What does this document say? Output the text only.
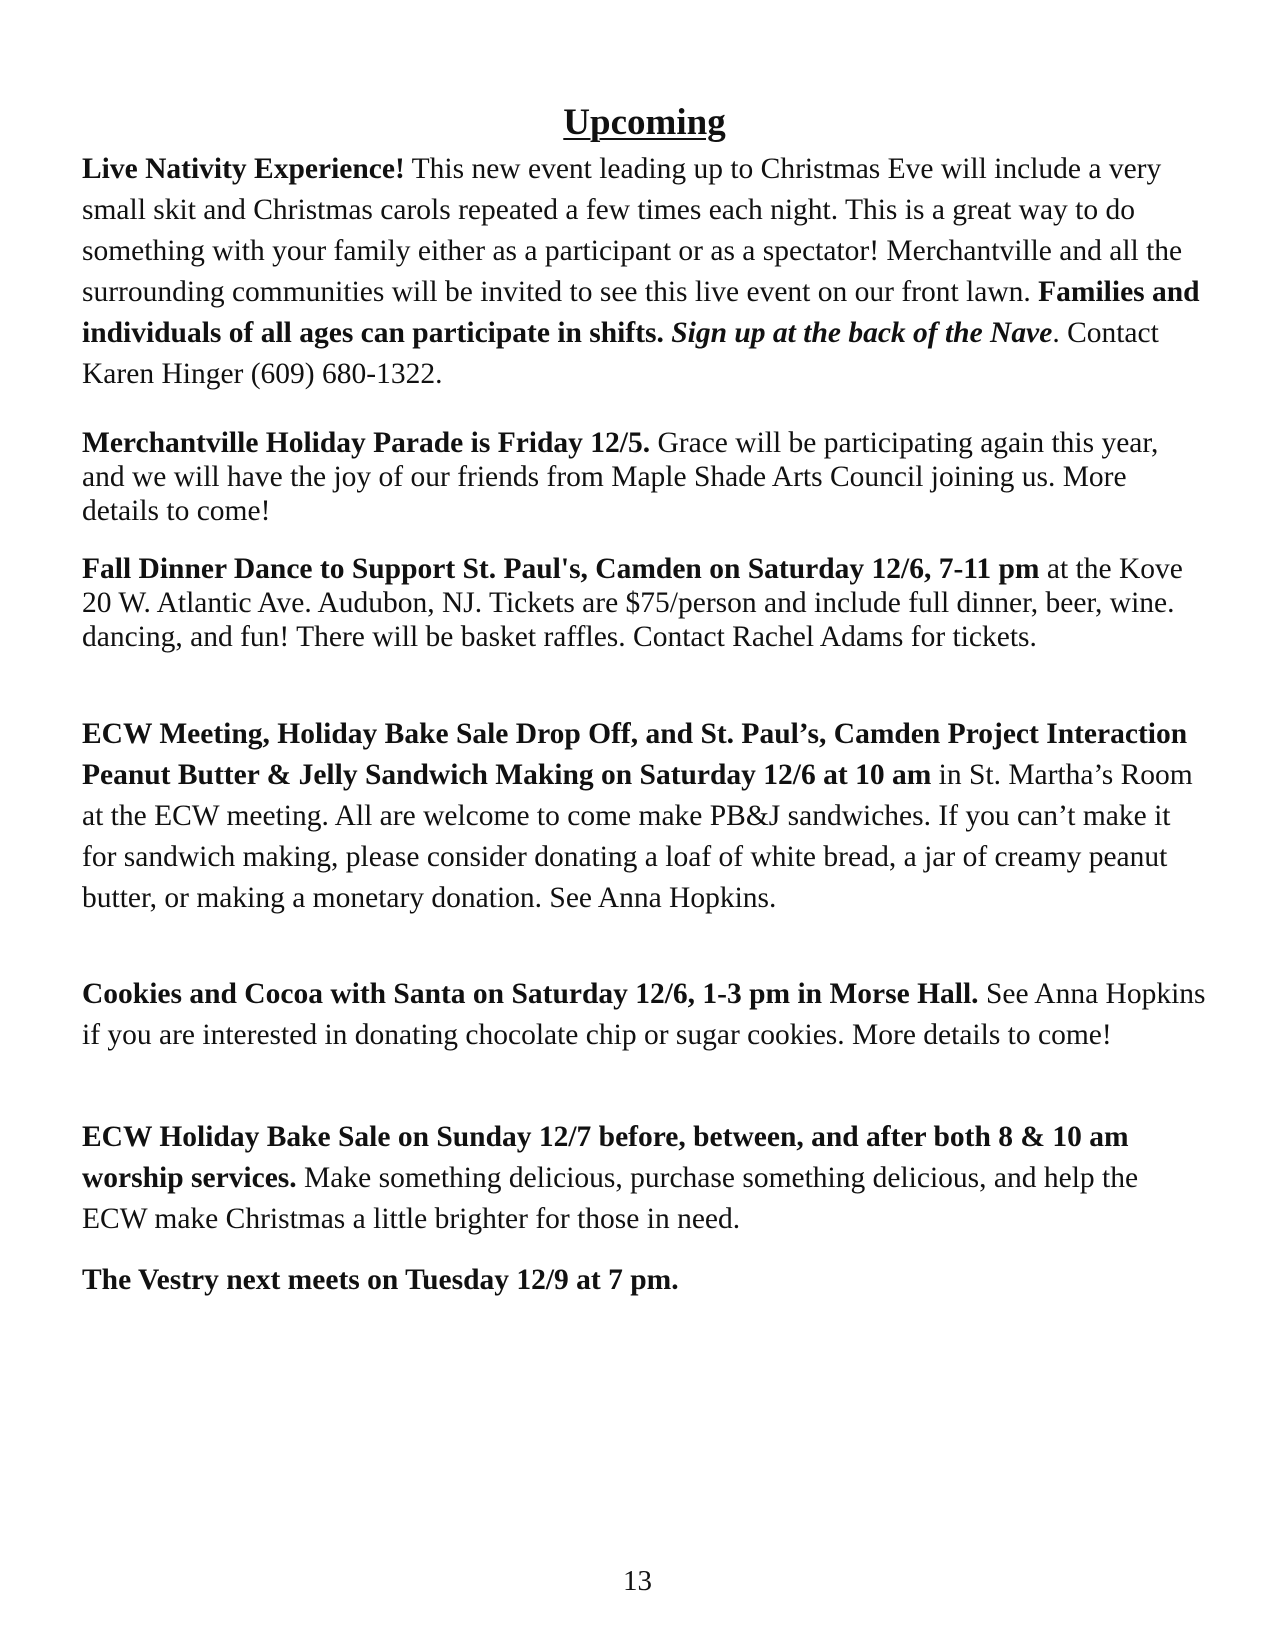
Upcoming

Live Nativity Experience! This new event leading up to Christmas Eve will include a very small skit and Christmas carols repeated a few times each night. This is a great way to do something with your family either as a participant or as a spectator! Merchantville and all the surrounding communities will be invited to see this live event on our front lawn. Families and individuals of all ages can participate in shifts. Sign up at the back of the Nave. Contact Karen Hinger (609) 680-1322.

Merchantville Holiday Parade is Friday 12/5. Grace will be participating again this year, and we will have the joy of our friends from Maple Shade Arts Council joining us. More details to come!

Fall Dinner Dance to Support St. Paul's, Camden on Saturday 12/6, 7-11 pm at the Kove 20 W. Atlantic Ave. Audubon, NJ. Tickets are $75/person and include full dinner, beer, wine. dancing, and fun! There will be basket raffles. Contact Rachel Adams for tickets.

ECW Meeting, Holiday Bake Sale Drop Off, and St. Paul’s, Camden Project Interaction Peanut Butter & Jelly Sandwich Making on Saturday 12/6 at 10 am in St. Martha’s Room at the ECW meeting. All are welcome to come make PB&J sandwiches. If you can’t make it for sandwich making, please consider donating a loaf of white bread, a jar of creamy peanut butter, or making a monetary donation. See Anna Hopkins.

Cookies and Cocoa with Santa on Saturday 12/6, 1-3 pm in Morse Hall. See Anna Hopkins if you are interested in donating chocolate chip or sugar cookies. More details to come!

ECW Holiday Bake Sale on Sunday 12/7 before, between, and after both 8 & 10 am worship services. Make something delicious, purchase something delicious, and help the ECW make Christmas a little brighter for those in need.

The Vestry next meets on Tuesday 12/9 at 7 pm.

13
